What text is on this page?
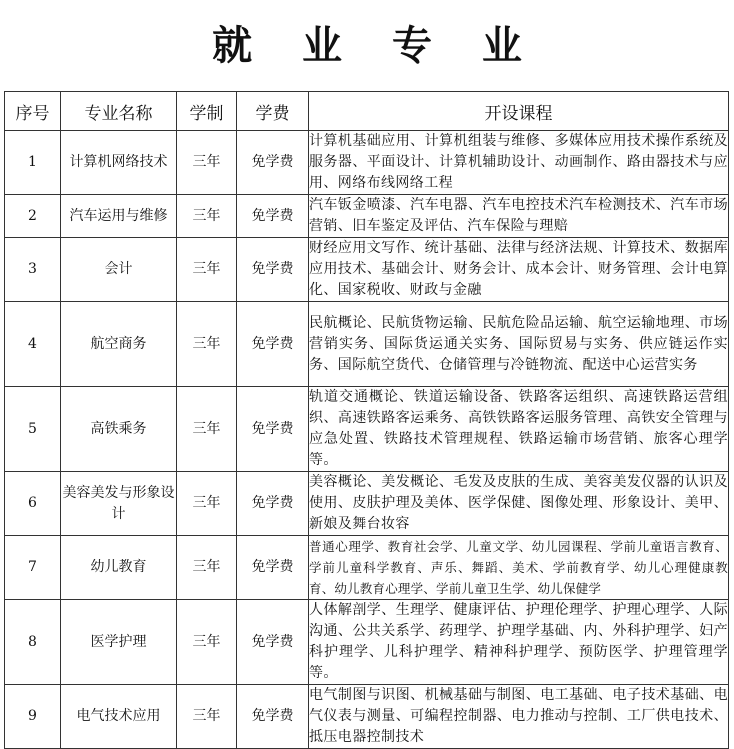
就 业 专 业
序号	专业名称	学制	学费	开设课程
1	计算机网络技术	三年	免学费	计算机基础应用、计算机组装与维修、多媒体应用技术操作系统及服务器、平面设计、计算机辅助设计、动画制作、路由器技术与应用、网络布线网络工程
2	汽车运用与维修	三年	免学费	汽车钣金喷漆、汽车电器、汽车电控技术汽车检测技术、汽车市场营销、旧车鉴定及评估、汽车保险与理赔
3	会计	三年	免学费	财经应用文写作、统计基础、法律与经济法规、计算技术、数据库应用技术、基础会计、财务会计、成本会计、财务管理、会计电算化、国家税收、财政与金融
4	航空商务	三年	免学费	民航概论、民航货物运输、民航危险品运输、航空运输地理、市场营销实务、国际货运通关实务、国际贸易与实务、供应链运作实务、国际航空货代、仓储管理与冷链物流、配送中心运营实务
5	高铁乘务	三年	免学费	轨道交通概论、铁道运输设备、铁路客运组织、高速铁路运营组织、高速铁路客运乘务、高铁铁路客运服务管理、高铁安全管理与应急处置、铁路技术管理规程、铁路运输市场营销、旅客心理学等。
6	美容美发与形象设计	三年	免学费	美容概论、美发概论、毛发及皮肤的生成、美容美发仪器的认识及使用、皮肤护理及美体、医学保健、图像处理、形象设计、美甲、新娘及舞台妆容
7	幼儿教育	三年	免学费	普通心理学、教育社会学、儿童文学、幼儿园课程、学前儿童语言教育、学前儿童科学教育、声乐、舞蹈、美术、学前教育学、幼儿心理健康教育、幼儿教育心理学、学前儿童卫生学、幼儿保健学
8	医学护理	三年	免学费	人体解剖学、生理学、健康评估、护理伦理学、护理心理学、人际沟通、公共关系学、药理学、护理学基础、内、外科护理学、妇产科护理学、儿科护理学、精神科护理学、预防医学、护理管理学等。
9	电气技术应用	三年	免学费	电气制图与识图、机械基础与制图、电工基础、电子技术基础、电气仪表与测量、可编程控制器、电力推动与控制、工厂供电技术、抵压电器控制技术
